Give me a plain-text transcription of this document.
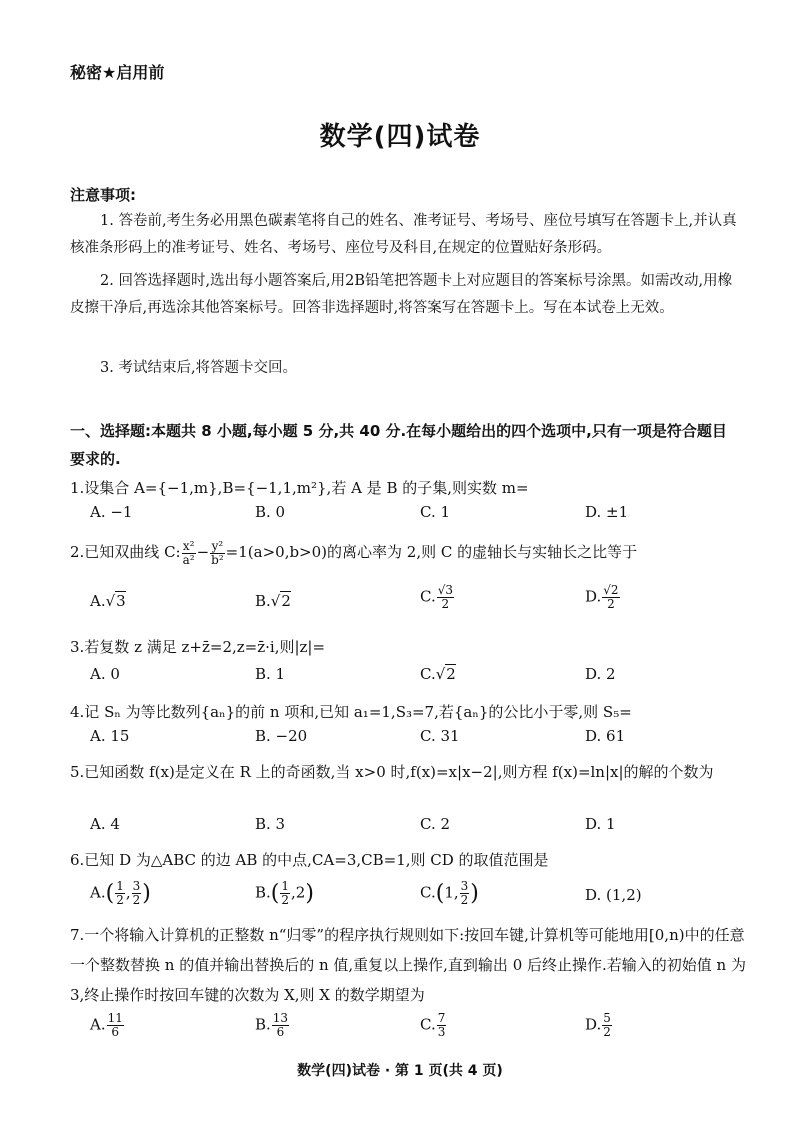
秘密★启用前
数学(四)试卷
注意事项:
1. 答卷前,考生务必用黑色碳素笔将自己的姓名、准考证号、考场号、座位号填写在答题卡上,并认真核准条形码上的准考证号、姓名、考场号、座位号及科目,在规定的位置贴好条形码。
2. 回答选择题时,选出每小题答案后,用2B铅笔把答题卡上对应题目的答案标号涂黑。如需改动,用橡皮擦干净后,再选涂其他答案标号。回答非选择题时,将答案写在答题卡上。写在本试卷上无效。
3. 考试结束后,将答题卡交回。
一、选择题:本题共 8 小题,每小题 5 分,共 40 分.在每小题给出的四个选项中,只有一项是符合题目要求的.
1.设集合 A={−1,m},B={−1,1,m²},若 A 是 B 的子集,则实数 m=
A. −1	B. 0	C. 1	D. ±1
2.已知双曲线 C: $\frac{\text{x²}}{\text{a²}} - \frac{\text{y²}}{\text{b²}} =1(a>0,b>0)$的离心率为 2,则 C 的虚轴长与实轴长之比等于
A.√3	B.√2	C. $\frac{√3}{2}$	D. $\frac{√2}{2}$
3.若复数 z 满足 z+z̄=2,z=z̄·i,则|z|=
A. 0	B. 1	C.√2	D. 2
4.记 Sₙ 为等比数列{aₙ}的前 n 项和,已知 a₁=1,S₃=7,若{aₙ}的公比小于零,则 S₅=
A. 15	B. −20	C. 31	D. 61
5.已知函数 f(x)是定义在 R 上的奇函数,当 x>0 时,f(x)=x|x−2|,则方程 f(x)=ln|x|的解的个数为
A. 4	B. 3	C. 2	D. 1
6.已知 D 为△ABC 的边 AB 的中点,CA=3,CB=1,则 CD 的取值范围是
$A.( \frac{1}{2}$ , $\frac{3}{2}$ )	$B.( \frac{1}{2} ,2)$	C.(1, $\frac{3}{2}$ )	D. (1,2)
7.一个将输入计算机的正整数 n“归零”的程序执行规则如下:按回车键,计算机等可能地用[0,n)中的任意一个整数替换 n 的值并输出替换后的 n 值,重复以上操作,直到输出 0 后终止操作.若输入的初始值 n 为 3,终止操作时按回车键的次数为 X,则 X 的数学期望为
A. $\frac{11}{6}$	B. $\frac{13}{6}$	C. $\frac{7}{3}$	D. $\frac{5}{2}$
数学(四)试卷 · 第 1 页(共 4 页)
